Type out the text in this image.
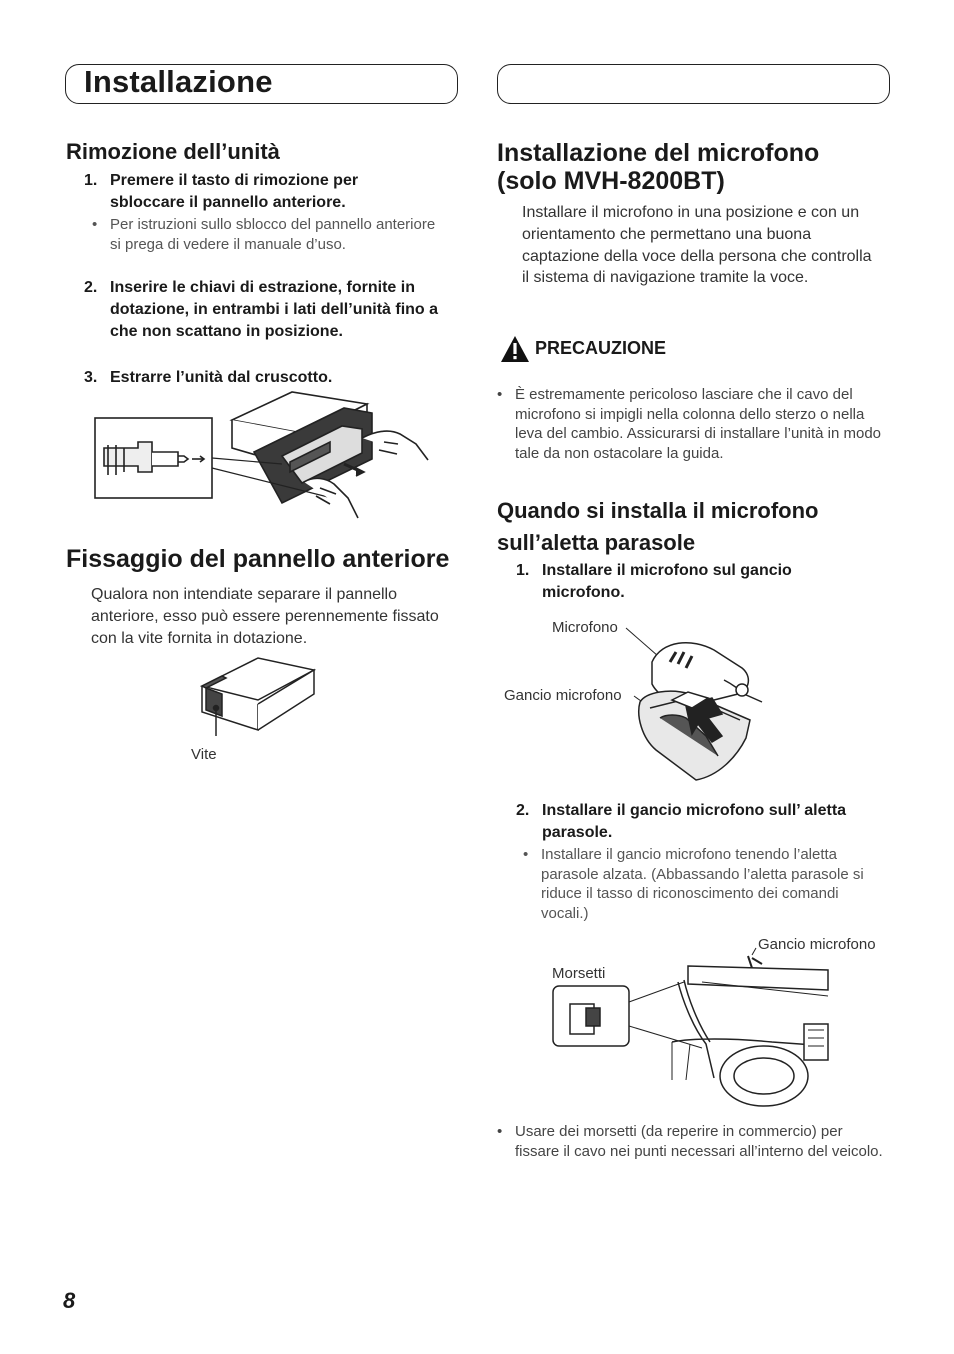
Installazione
Rimozione dell’unità
1. Premere il tasto di rimozione per sbloccare il pannello anteriore.
• Per istruzioni sullo sblocco del pannello anteriore si prega di vedere il manuale d’uso.
2. Inserire le chiavi di estrazione, fornite in dotazione, in entrambi i lati dell’unità fino a che non scattano in posizione.
3. Estrarre l’unità dal cruscotto.
Fissaggio del pannello anteriore

Qualora non intendiate separare il pannello anteriore, esso può essere perennemente fissato con la vite fornita in dotazione.

Vite
Installazione del microfono
(solo MVH-8200BT)

Installare il microfono in una posizione e con un orientamento che permettano una buona captazione della voce della persona che controlla il sistema di navigazione tramite la voce.

PRECAUZIONE
• È estremamente pericoloso lasciare che il cavo del microfono si impigli nella colonna dello sterzo o nella leva del cambio. Assicurarsi di installare l’unità in modo tale da non ostacolare la guida.
Quando si installa il microfono
sull’aletta parasole
1. Installare il microfono sul gancio microfono.
Microfono
Gancio microfono
2. Installare il gancio microfono sull’ aletta parasole.
• Installare il gancio microfono tenendo l’aletta parasole alzata. (Abbassando l’aletta parasole si riduce il tasso di riconoscimento dei comandi vocali.)
Gancio microfono
Morsetti
• Usare dei morsetti (da reperire in commercio) per fissare il cavo nei punti necessari all’interno del veicolo.
8
